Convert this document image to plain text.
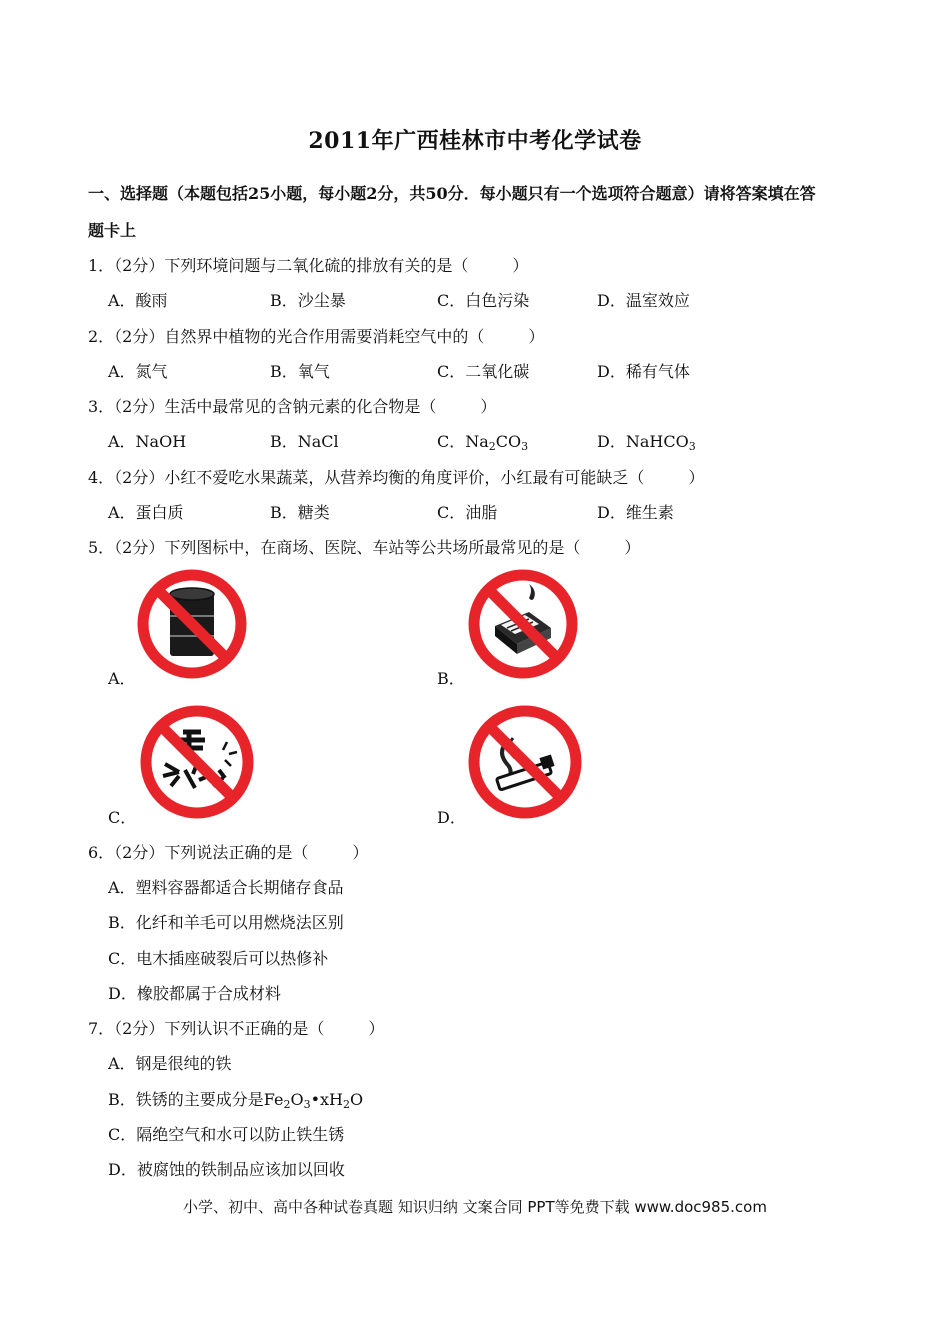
2011年广西桂林市中考化学试卷
一、选择题（本题包括25小题，每小题2分，共50分．每小题只有一个选项符合题意）请将答案填在答
题卡上
1．（2分）下列环境问题与二氧化硫的排放有关的是（	）
A．酸雨	B．沙尘暴	C．白色污染	D．温室效应
2．（2分）自然界中植物的光合作用需要消耗空气中的（	）
A．氮气	B．氧气	C．二氧化碳	D．稀有气体
3．（2分）生活中最常见的含钠元素的化合物是（	）
A．NaOH	B．NaCl	C．$Na_2CO_3$	D．NaHCO$_3$
4．（2分）小红不爱吃水果蔬菜，从营养均衡的角度评价，小红最有可能缺乏（	）
A．蛋白质	B．糖类	C．油脂	D．维生素
5．（2分）下列图标中，在商场、医院、车站等公共场所最常见的是（	）
A．	B．
C．	D．
6．（2分）下列说法正确的是（	）
A．塑料容器都适合长期储存食品
B．化纤和羊毛可以用燃烧法区别
C．电木插座破裂后可以热修补
D．橡胶都属于合成材料
7．（2分）下列认识不正确的是（	）
A．钢是很纯的铁
B．铁锈的主要成分是$Fe_2O_3•xH_2O$
C．隔绝空气和水可以防止铁生锈
D．被腐蚀的铁制品应该加以回收
小学、初中、高中各种试卷真题 知识归纳 文案合同 PPT等免费下载 www.doc985.com
